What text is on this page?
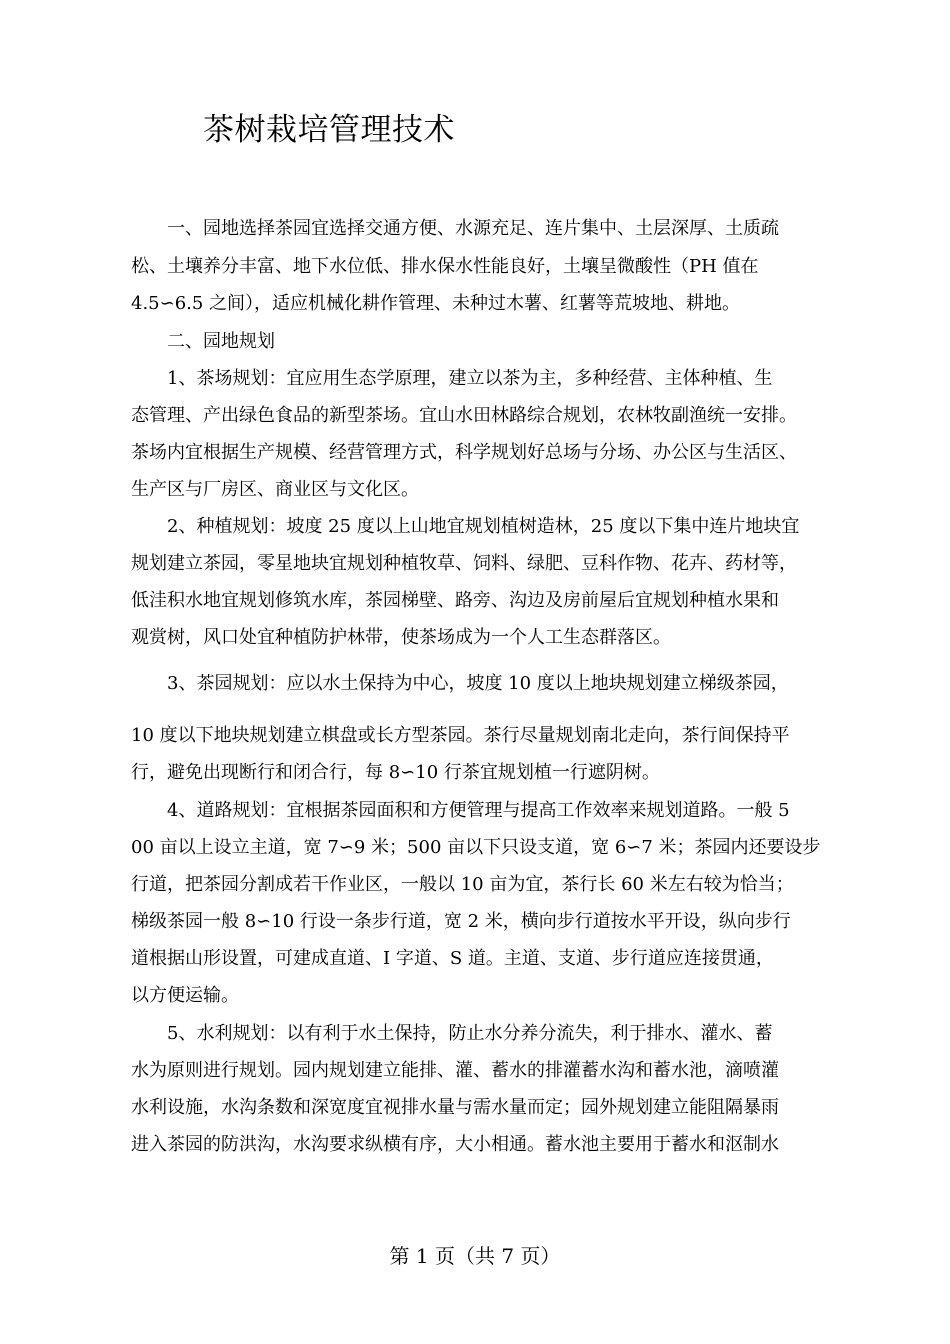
茶树栽培管理技术
　　一、园地选择茶园宜选择交通方便、水源充足、连片集中、土层深厚、土质疏
松、土壤养分丰富、地下水位低、排水保水性能良好，土壤呈微酸性（PH 值在
4.5∽6.5 之间），适应机械化耕作管理、未种过木薯、红薯等荒坡地、耕地。
　　二、园地规划
　　1、茶场规划：宜应用生态学原理，建立以茶为主，多种经营、主体种植、生
态管理、产出绿色食品的新型茶场。宜山水田林路综合规划，农林牧副渔统一安排。
茶场内宜根据生产规模、经营管理方式，科学规划好总场与分场、办公区与生活区、
生产区与厂房区、商业区与文化区。
　　2、种植规划：坡度 25 度以上山地宜规划植树造林，25 度以下集中连片地块宜
规划建立茶园，零星地块宜规划种植牧草、饲料、绿肥、豆科作物、花卉、药材等，
低洼积水地宜规划修筑水库，茶园梯壁、路旁、沟边及房前屋后宜规划种植水果和
观赏树，风口处宜种植防护林带，使茶场成为一个人工生态群落区。
　　3、茶园规划：应以水土保持为中心，坡度 10 度以上地块规划建立梯级茶园，
10 度以下地块规划建立棋盘或长方型茶园。茶行尽量规划南北走向，茶行间保持平
行，避免出现断行和闭合行，每 8∽10 行茶宜规划植一行遮阴树。
　　4、道路规划：宜根据茶园面积和方便管理与提高工作效率来规划道路。一般 5
00 亩以上设立主道，宽 7∽9 米；500 亩以下只设支道，宽 6∽7 米；茶园内还要设步
行道，把茶园分割成若干作业区，一般以 10 亩为宜，茶行长 60 米左右较为恰当；
梯级茶园一般 8∽10 行设一条步行道，宽 2 米，横向步行道按水平开设，纵向步行
道根据山形设置，可建成直道、I 字道、S 道。主道、支道、步行道应连接贯通，
以方便运输。
　　5、水利规划：以有利于水土保持，防止水分养分流失，利于排水、灌水、蓄
水为原则进行规划。园内规划建立能排、灌、蓄水的排灌蓄水沟和蓄水池，滴喷灌
水利设施，水沟条数和深宽度宜视排水量与需水量而定；园外规划建立能阻隔暴雨
进入茶园的防洪沟，水沟要求纵横有序，大小相通。蓄水池主要用于蓄水和沤制水
第 1 页（共 7 页）
